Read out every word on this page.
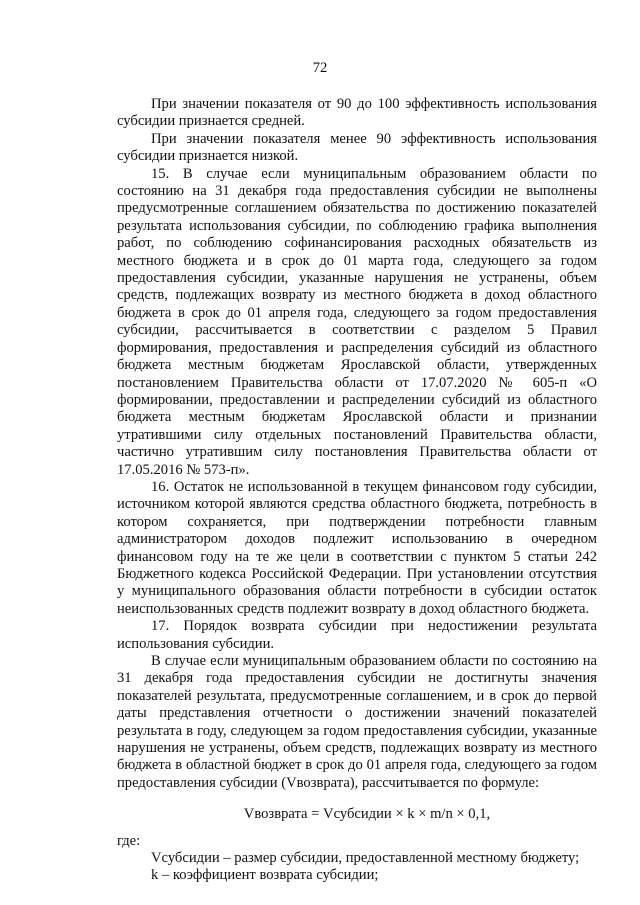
72

При значении показателя от 90 до 100 эффективность использования субсидии признается средней.

При значении показателя менее 90 эффективность использования субсидии признается низкой.

15. В случае если муниципальным образованием области по состоянию на 31 декабря года предоставления субсидии не выполнены предусмотренные соглашением обязательства по достижению показателей результата использования субсидии, по соблюдению графика выполнения работ, по соблюдению софинансирования расходных обязательств из местного бюджета и в срок до 01 марта года, следующего за годом предоставления субсидии, указанные нарушения не устранены, объем средств, подлежащих возврату из местного бюджета в доход областного бюджета в срок до 01 апреля года, следующего за годом предоставления субсидии, рассчитывается в соответствии с разделом 5 Правил формирования, предоставления и распределения субсидий из областного бюджета местным бюджетам Ярославской области, утвержденных постановлением Правительства области от 17.07.2020 № 605-п «О формировании, предоставлении и распределении субсидий из областного бюджета местным бюджетам Ярославской области и признании утратившими силу отдельных постановлений Правительства области, частично утратившим силу постановления Правительства области от 17.05.2016 № 573-п».

16. Остаток не использованной в текущем финансовом году субсидии, источником которой являются средства областного бюджета, потребность в котором сохраняется, при подтверждении потребности главным администратором доходов подлежит использованию в очередном финансовом году на те же цели в соответствии с пунктом 5 статьи 242 Бюджетного кодекса Российской Федерации. При установлении отсутствия у муниципального образования области потребности в субсидии остаток неиспользованных средств подлежит возврату в доход областного бюджета.

17. Порядок возврата субсидии при недостижении результата использования субсидии.

В случае если муниципальным образованием области по состоянию на 31 декабря года предоставления субсидии не достигнуты значения показателей результата, предусмотренные соглашением, и в срок до первой даты представления отчетности о достижении значений показателей результата в году, следующем за годом предоставления субсидии, указанные нарушения не устранены, объем средств, подлежащих возврату из местного бюджета в областной бюджет в срок до 01 апреля года, следующего за годом предоставления субсидии (Vвозврата), рассчитывается по формуле:

Vвозврата = Vсубсидии × k × m/n × 0,1,

где:

Vсубсидии – размер субсидии, предоставленной местному бюджету;

k – коэффициент возврата субсидии;
